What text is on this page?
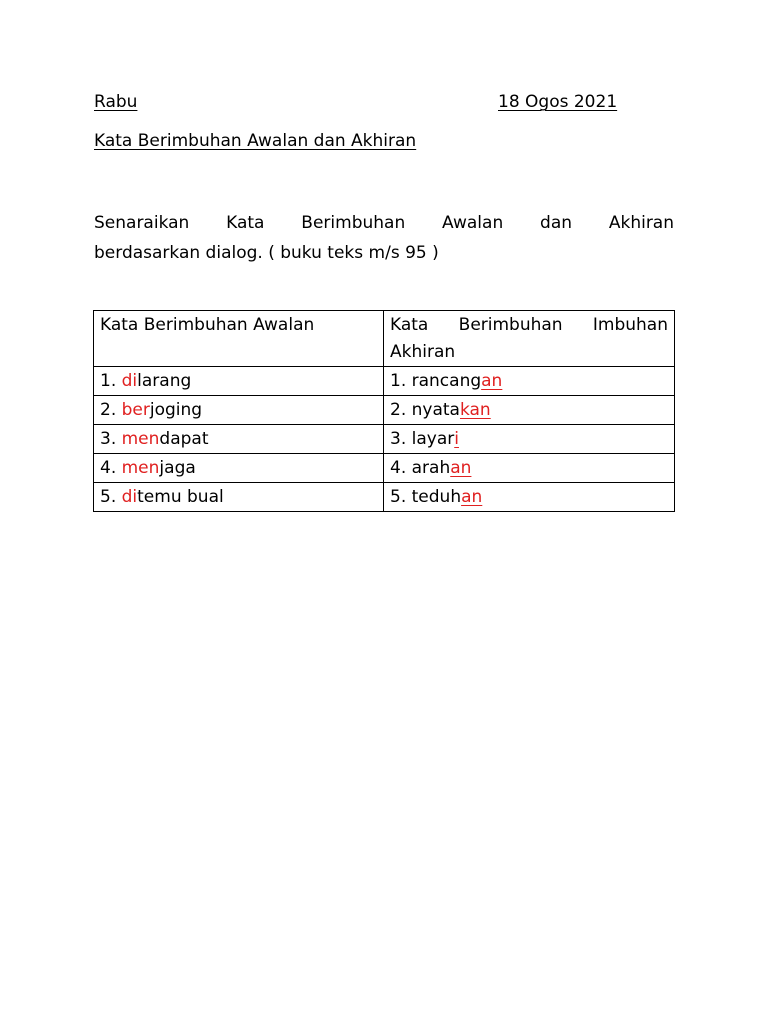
Rabu	18 Ogos 2021
Kata Berimbuhan Awalan dan Akhiran
Senaraikan Kata Berimbuhan Awalan dan Akhiran
berdasarkan dialog. ( buku teks m/s 95 )
Kata Berimbuhan Awalan	Kata Berimbuhan Imbuhan
Akhiran

1. dilarang	1. rancangan
2. berjoging	2. nyatakan
3. mendapat	3. layari
4. menjaga	4. arahan
5. ditemu bual	5. teduhan
